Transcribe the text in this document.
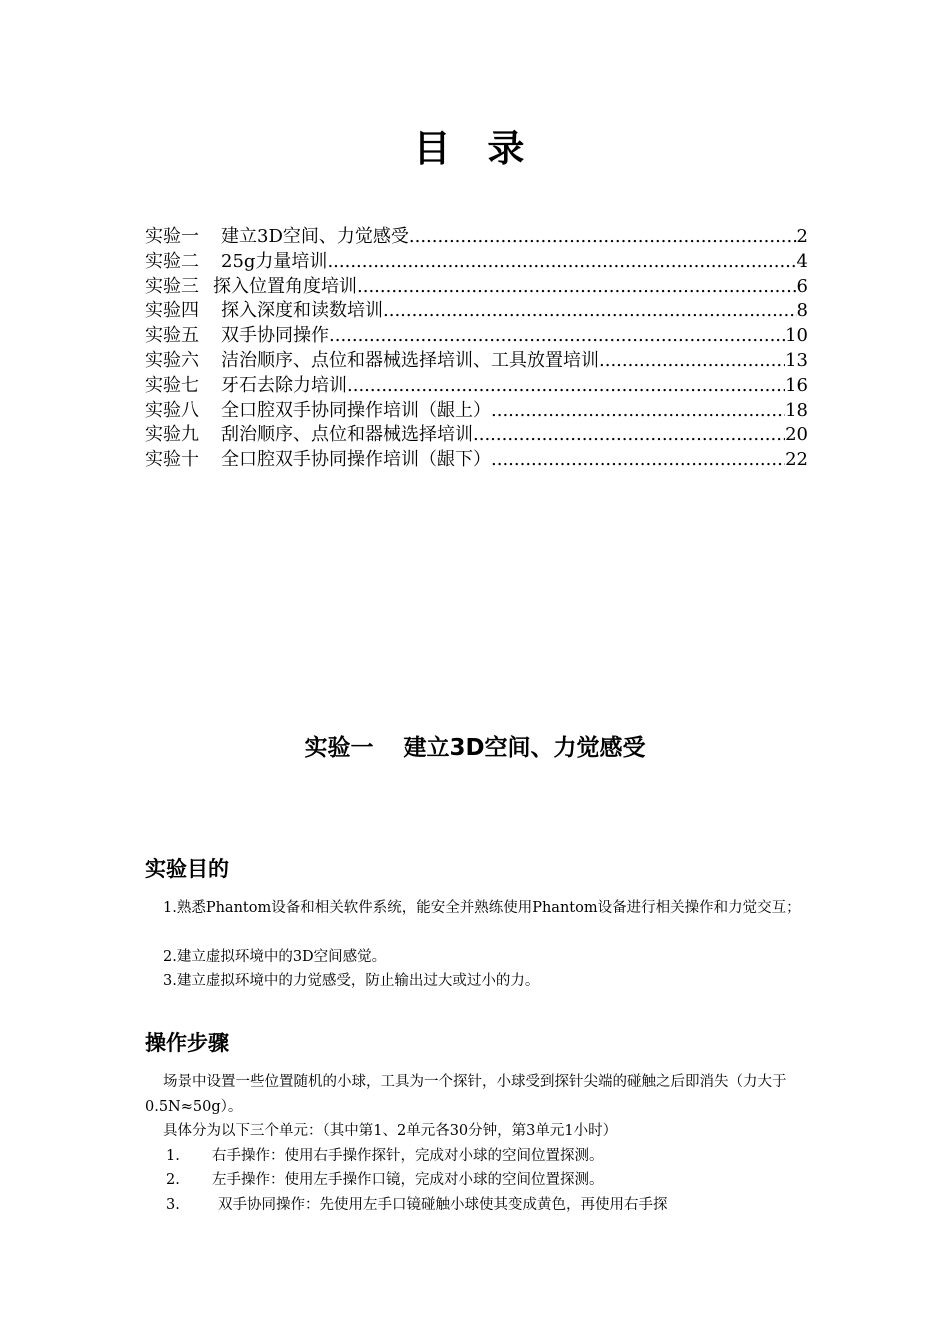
目 录
实验一 建立3D空间、力觉感受 .....	2
实验二 25g力量培训 .....	4
实验三 探入位置角度培训 .....	6
实验四 探入深度和读数培训 .....	8
实验五 双手协同操作 .....	10
实验六 洁治顺序、点位和器械选择培训、工具放置培训 .....	13
实验七 牙石去除力培训 .....	16
实验八 全口腔双手协同操作培训（龈上） .....	18
实验九 刮治顺序、点位和器械选择培训 .....	20
实验十 全口腔双手协同操作培训（龈下） .....	22
实验一 建立3D空间、力觉感受
实验目的
1.熟悉Phantom设备和相关软件系统，能安全并熟练使用Phantom设备进行相关操作和力觉交互；
2.建立虚拟环境中的3D空间感觉。
3.建立虚拟环境中的力觉感受，防止输出过大或过小的力。
操作步骤
场景中设置一些位置随机的小球，工具为一个探针，小球受到探针尖端的碰触之后即消失（力大于0.5N≈50g）。
具体分为以下三个单元：（其中第1、2单元各30分钟，第3单元1小时）
1.	右手操作：使用右手操作探针，完成对小球的空间位置探测。
2.	左手操作：使用左手操作口镜，完成对小球的空间位置探测。
3.	双手协同操作：先使用左手口镜碰触小球使其变成黄色，再使用右手探
